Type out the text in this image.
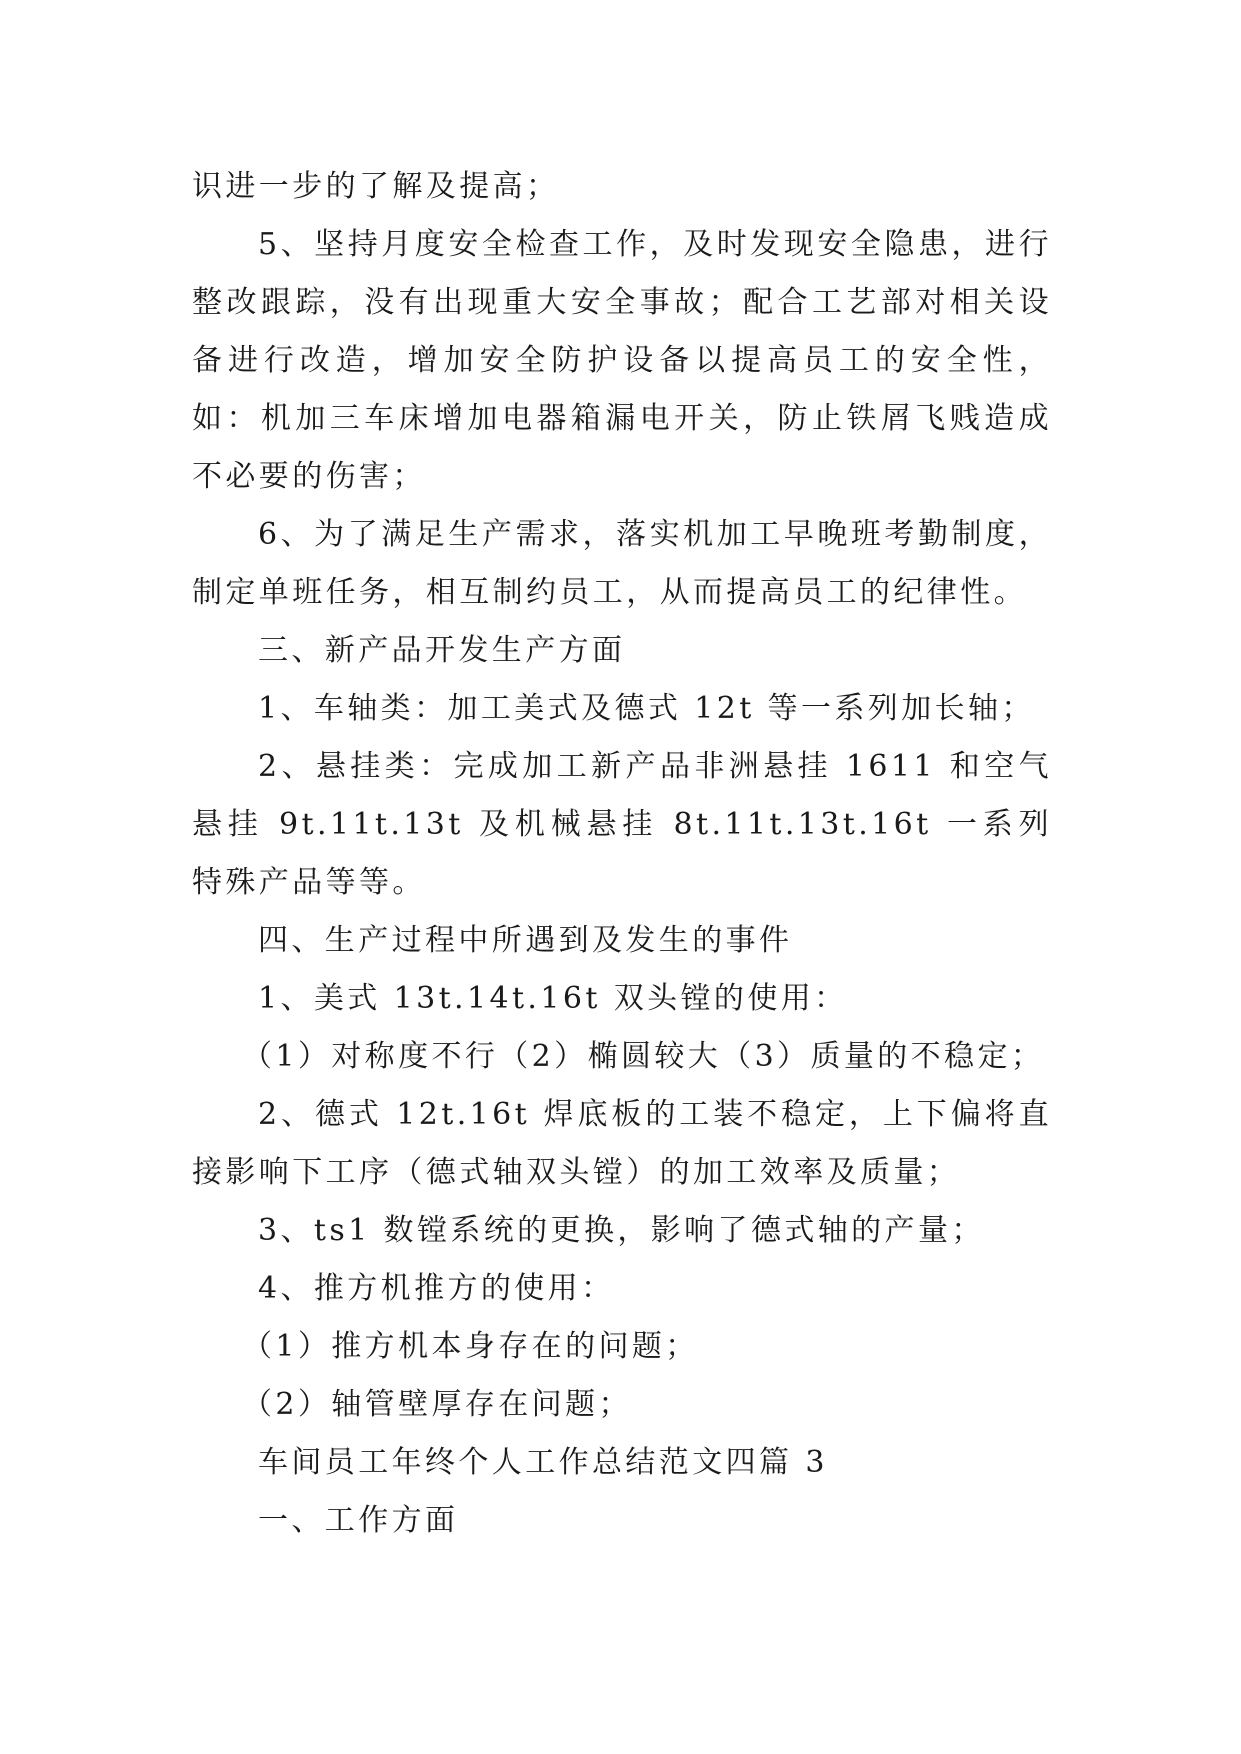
识进一步的了解及提高；

5、坚持月度安全检查工作，及时发现安全隐患，进行整改跟踪，没有出现重大安全事故；配合工艺部对相关设备进行改造，增加安全防护设备以提高员工的安全性，如：机加三车床增加电器箱漏电开关，防止铁屑飞贱造成不必要的伤害；

6、为了满足生产需求，落实机加工早晚班考勤制度，制定单班任务，相互制约员工，从而提高员工的纪律性。

三、新产品开发生产方面

1、车轴类：加工美式及德式 12t 等一系列加长轴；

2、悬挂类：完成加工新产品非洲悬挂 1611 和空气悬挂 9t.11t.13t 及机械悬挂 8t.11t.13t.16t 一系列特殊产品等等。

四、生产过程中所遇到及发生的事件

1、美式 13t.14t.16t 双头镗的使用：

（1）对称度不行（2）椭圆较大（3）质量的不稳定；

2、德式 12t.16t 焊底板的工装不稳定，上下偏将直接影响下工序（德式轴双头镗）的加工效率及质量；

3、ts1 数镗系统的更换，影响了德式轴的产量；

4、推方机推方的使用：

（1）推方机本身存在的问题；

（2）轴管壁厚存在问题；

车间员工年终个人工作总结范文四篇 3

一、工作方面
